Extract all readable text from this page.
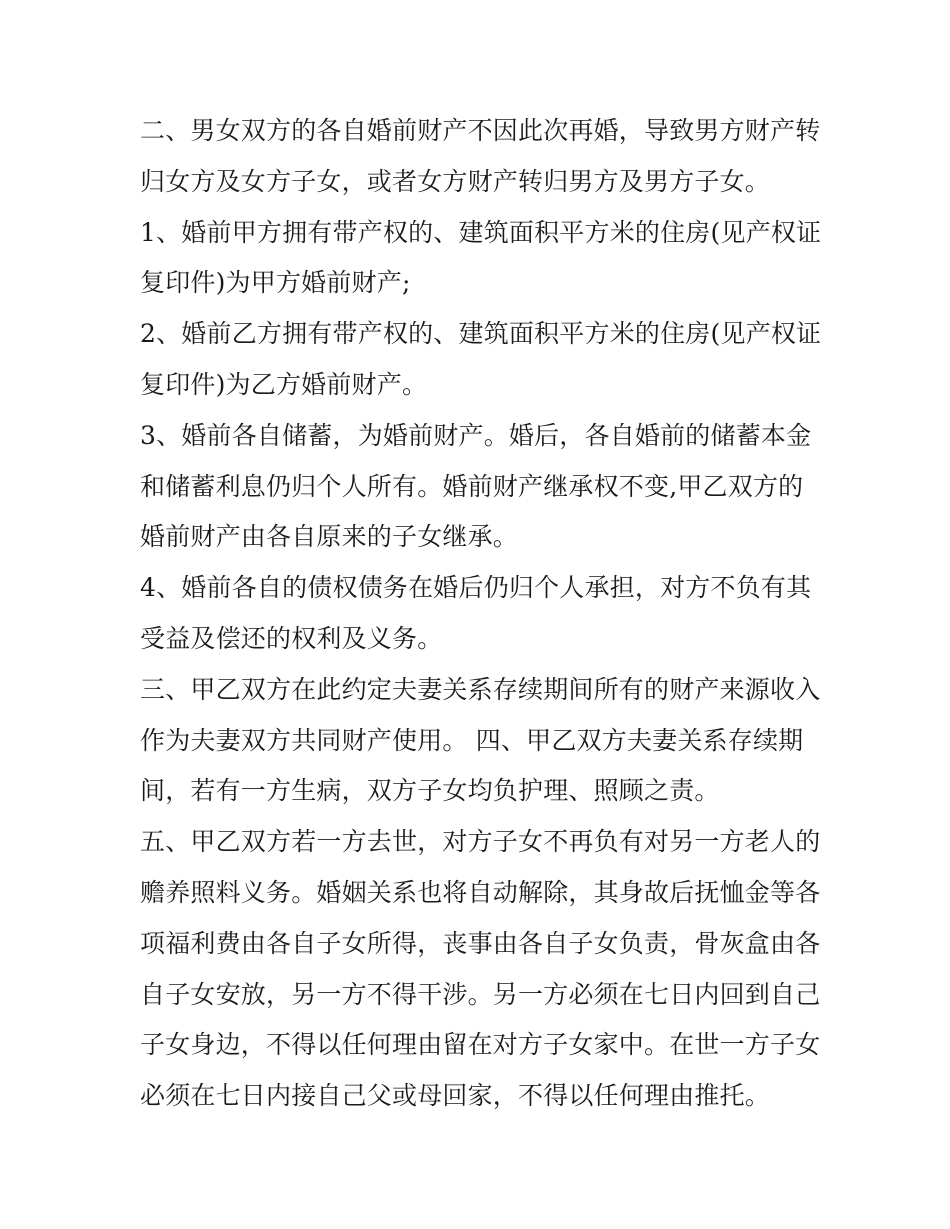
二、男女双方的各自婚前财产不因此次再婚，导致男方财产转
归女方及女方子女，或者女方财产转归男方及男方子女。
1、婚前甲方拥有带产权的、建筑面积平方米的住房(见产权证
复印件)为甲方婚前财产;
2、婚前乙方拥有带产权的、建筑面积平方米的住房(见产权证
复印件)为乙方婚前财产。
3、婚前各自储蓄，为婚前财产。婚后，各自婚前的储蓄本金
和储蓄利息仍归个人所有。婚前财产继承权不变,甲乙双方的
婚前财产由各自原来的子女继承。
4、婚前各自的债权债务在婚后仍归个人承担，对方不负有其
受益及偿还的权利及义务。
三、甲乙双方在此约定夫妻关系存续期间所有的财产来源收入
作为夫妻双方共同财产使用。 四、甲乙双方夫妻关系存续期
间，若有一方生病，双方子女均负护理、照顾之责。
五、甲乙双方若一方去世，对方子女不再负有对另一方老人的
赡养照料义务。婚姻关系也将自动解除，其身故后抚恤金等各
项福利费由各自子女所得，丧事由各自子女负责，骨灰盒由各
自子女安放，另一方不得干涉。另一方必须在七日内回到自己
子女身边，不得以任何理由留在对方子女家中。在世一方子女
必须在七日内接自己父或母回家，不得以任何理由推托。
